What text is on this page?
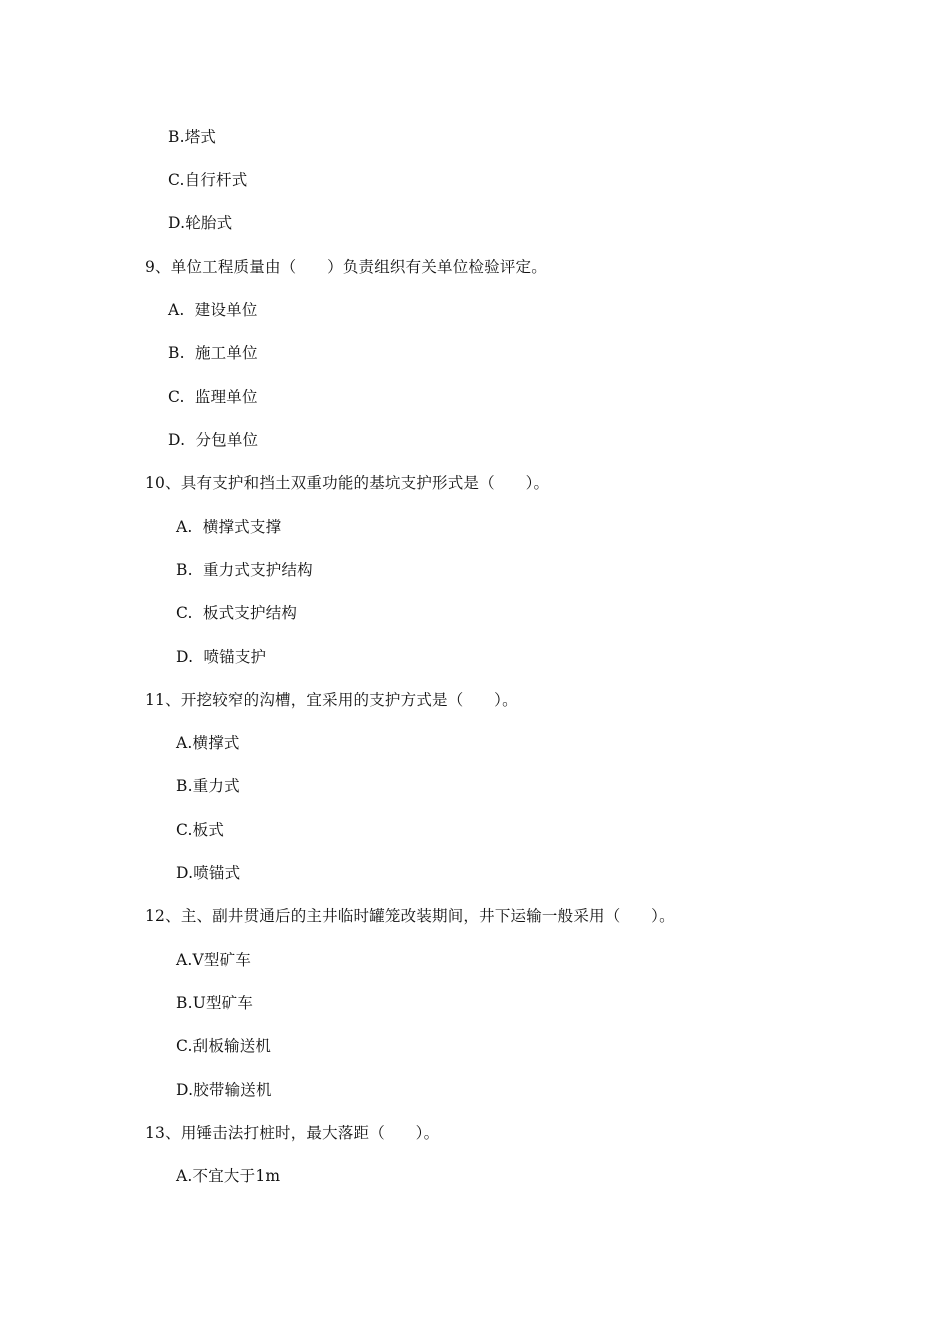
B.塔式
C.自行杆式
D.轮胎式
9、单位工程质量由（      ）负责组织有关单位检验评定。
A.  建设单位
B.  施工单位
C.  监理单位
D.  分包单位
10、具有支护和挡土双重功能的基坑支护形式是（      ）。
A.  横撑式支撑
B.  重力式支护结构
C.  板式支护结构
D.  喷锚支护
11、开挖较窄的沟槽，宜采用的支护方式是（      ）。
A.横撑式
B.重力式
C.板式
D.喷锚式
12、主、副井贯通后的主井临时罐笼改装期间，井下运输一般采用（      ）。
A.V型矿车
B.U型矿车
C.刮板输送机
D.胶带输送机
13、用锤击法打桩时，最大落距（      ）。
A.不宜大于1m
